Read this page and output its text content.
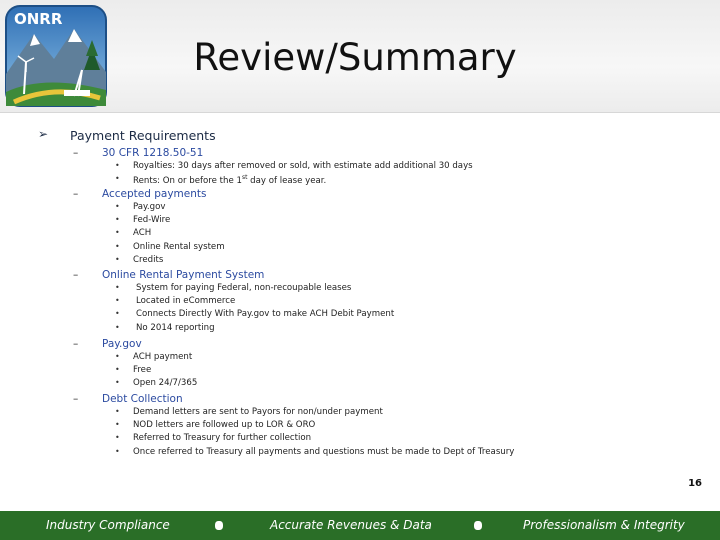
ONRR
Review/Summary
➢ Payment Requirements
– 30 CFR 1218.50-51
• Royalties: 30 days after removed or sold, with estimate add additional 30 days
• Rents: On or before the 1st day of lease year.
– Accepted payments
• Pay.gov
• Fed-Wire
• ACH
• Online Rental system
• Credits
– Online Rental Payment System
• System for paying Federal, non-recoupable leases
• Located in eCommerce
• Connects Directly With Pay.gov to make ACH Debit Payment
• No 2014 reporting
– Pay.gov
• ACH payment
• Free
• Open 24/7/365
– Debt Collection
• Demand letters are sent to Payors for non/under payment
• NOD letters are followed up to LOR & ORO
• Referred to Treasury for further collection
• Once referred to Treasury all payments and questions must be made to Dept of Treasury
16
Industry Compliance	Accurate Revenues & Data	Professionalism & Integrity
